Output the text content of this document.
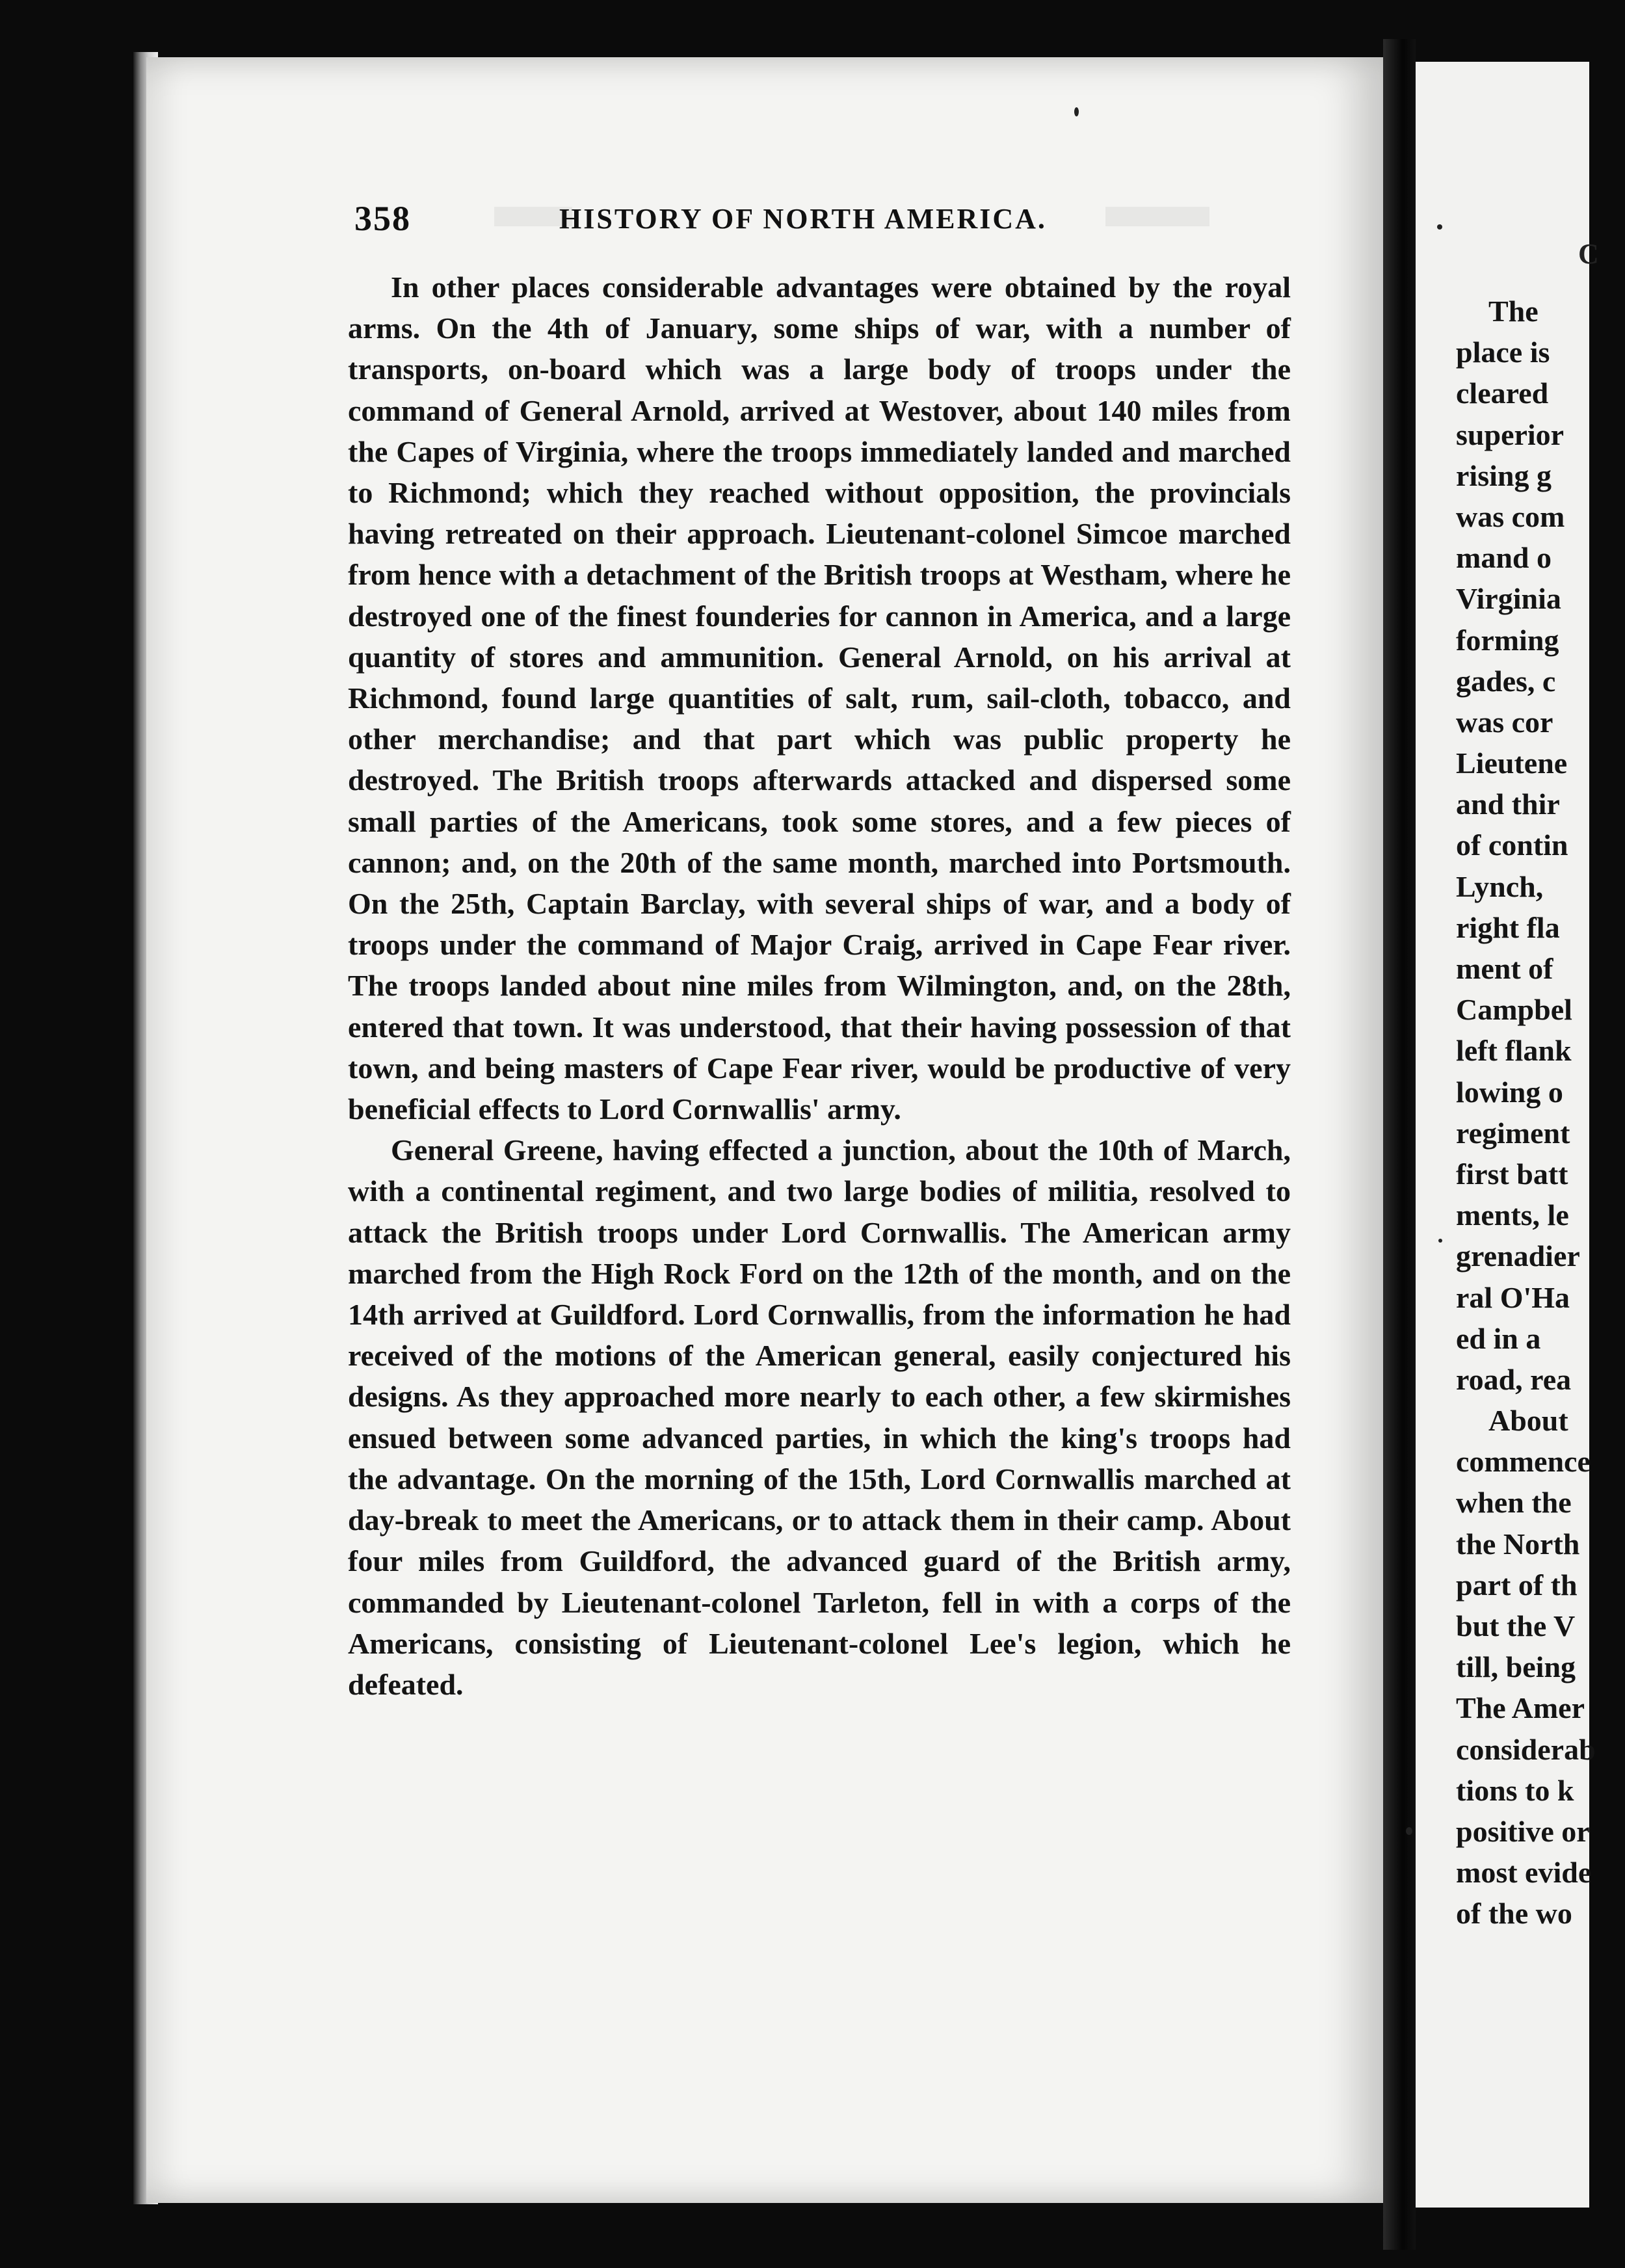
358	HISTORY OF NORTH AMERICA.

In other places considerable advantages were obtained by the royal arms. On the 4th of January, some ships of war, with a number of transports, on-board which was a large body of troops under the command of General Arnold, arrived at Westover, about 140 miles from the Capes of Virginia, where the troops immediately landed and marched to Richmond; which they reached without opposition, the provincials having retreated on their approach. Lieutenant-colonel Simcoe marched from hence with a detachment of the British troops at Westham, where he destroyed one of the finest founderies for cannon in America, and a large quantity of stores and ammunition. General Arnold, on his arrival at Richmond, found large quantities of salt, rum, sail-cloth, tobacco, and other merchandise; and that part which was public property he destroyed. The British troops afterwards attacked and dispersed some small parties of the Americans, took some stores, and a few pieces of cannon; and, on the 20th of the same month, marched into Portsmouth. On the 25th, Captain Barclay, with several ships of war, and a body of troops under the command of Major Craig, arrived in Cape Fear river. The troops landed about nine miles from Wilmington, and, on the 28th, entered that town. It was understood, that their having possession of that town, and being masters of Cape Fear river, would be productive of very beneficial effects to Lord Cornwallis' army.

General Greene, having effected a junction, about the 10th of March, with a continental regiment, and two large bodies of militia, resolved to attack the British troops under Lord Cornwallis. The American army marched from the High Rock Ford on the 12th of the month, and on the 14th arrived at Guildford. Lord Cornwallis, from the information he had received of the motions of the American general, easily conjectured his designs. As they approached more nearly to each other, a few skirmishes ensued between some advanced parties, in which the king's troops had the advantage. On the morning of the 15th, Lord Cornwallis marched at day-break to meet the Americans, or to attack them in their camp. About four miles from Guildford, the advanced guard of the British army, commanded by Lieutenant-colonel Tarleton, fell in with a corps of the Americans, consisting of Lieutenant-colonel Lee's legion, which he defeated.

C
The
place is
cleared
superior
rising g
was com
mand o
Virginia
forming
gades, c
was cor
Lieutene
and thir
of contin
Lynch,
right fla
ment of
Campbel
left flank
lowing o
regiment
first batt
ments, le
grenadier
ral O'Ha
ed in a
road, rea
About
commence
when the
the North
part of th
but the V
till, being
The Amer
considerab
tions to k
positive or
most evide
of the wo
